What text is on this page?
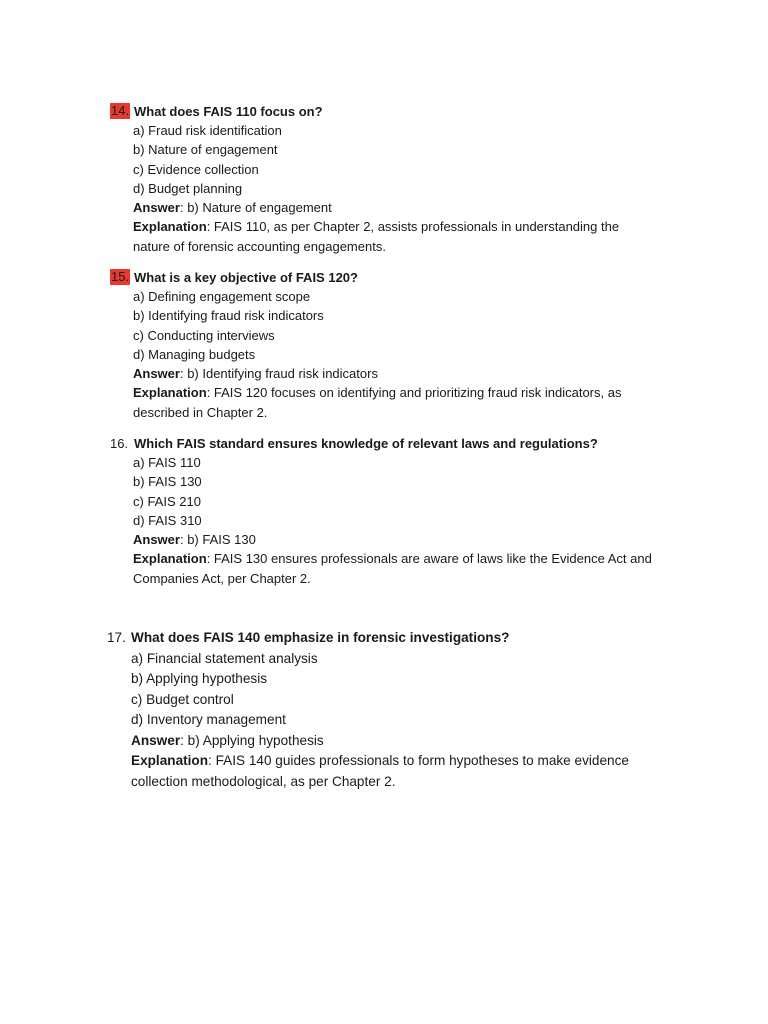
14. What does FAIS 110 focus on?
a) Fraud risk identification
b) Nature of engagement
c) Evidence collection
d) Budget planning
Answer: b) Nature of engagement
Explanation: FAIS 110, as per Chapter 2, assists professionals in understanding the nature of forensic accounting engagements.
15. What is a key objective of FAIS 120?
a) Defining engagement scope
b) Identifying fraud risk indicators
c) Conducting interviews
d) Managing budgets
Answer: b) Identifying fraud risk indicators
Explanation: FAIS 120 focuses on identifying and prioritizing fraud risk indicators, as described in Chapter 2.
16. Which FAIS standard ensures knowledge of relevant laws and regulations?
a) FAIS 110
b) FAIS 130
c) FAIS 210
d) FAIS 310
Answer: b) FAIS 130
Explanation: FAIS 130 ensures professionals are aware of laws like the Evidence Act and Companies Act, per Chapter 2.
17. What does FAIS 140 emphasize in forensic investigations?
a) Financial statement analysis
b) Applying hypothesis
c) Budget control
d) Inventory management
Answer: b) Applying hypothesis
Explanation: FAIS 140 guides professionals to form hypotheses to make evidence collection methodological, as per Chapter 2.
